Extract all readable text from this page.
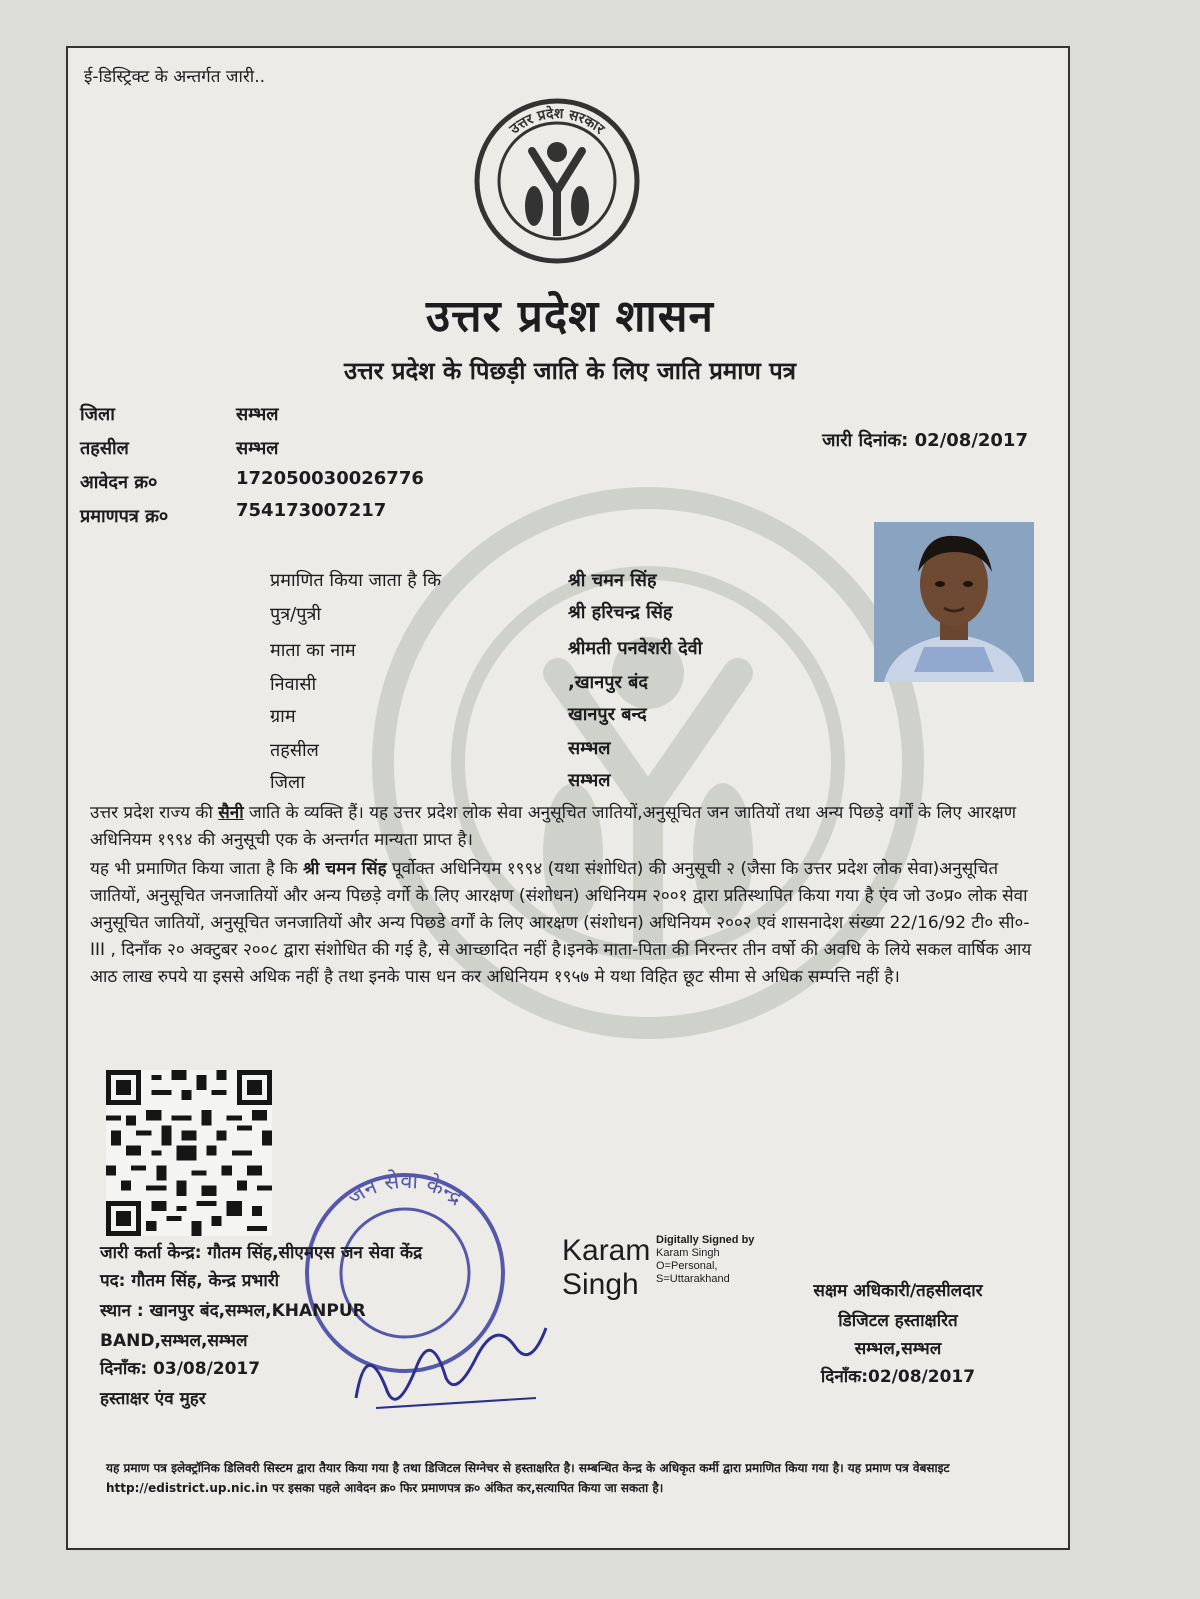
ई-डिस्ट्रिक्ट के अन्तर्गत जारी..
उत्तर प्रदेश सरकार
उत्तर प्रदेश शासन
उत्तर प्रदेश के पिछड़ी जाति के लिए जाति प्रमाण पत्र
जिला	सम्भल
तहसील	सम्भल
आवेदन क्र०	172050030026776
प्रमाणपत्र क्र०	754173007217
जारी दिनांक: 02/08/2017
प्रमाणित किया जाता है कि	श्री चमन सिंह
पुत्र/पुत्री	श्री हरिचन्द्र सिंह
माता का नाम	श्रीमती पनवेशरी देवी
निवासी	,खानपुर बंद
ग्राम	खानपुर बन्द
तहसील	सम्भल
जिला	सम्भल
उत्तर प्रदेश राज्य की सैनी जाति के व्यक्ति हैं। यह उत्तर प्रदेश लोक सेवा अनुसूचित जातियों,अनुसूचित जन जातियों तथा अन्य पिछड़े वर्गों के लिए आरक्षण अधिनियम १९९४ की अनुसूची एक के अन्तर्गत मान्यता प्राप्त है।
यह भी प्रमाणित किया जाता है कि श्री चमन सिंह पूर्वोक्त अधिनियम १९९४ (यथा संशोधित) की अनुसूची २ (जैसा कि उत्तर प्रदेश लोक सेवा)अनुसूचित जातियों, अनुसूचित जनजातियों और अन्य पिछड़े वर्गो के लिए आरक्षण (संशोधन) अधिनियम २००१ द्वारा प्रतिस्थापित किया गया है एंव जो उ०प्र० लोक सेवा अनुसूचित जातियों, अनुसूचित जनजातियों और अन्य पिछडे वर्गों के लिए आरक्षण (संशोधन) अधिनियम २००२ एवं शासनादेश संख्या 22/16/92 टी० सी०-III , दिनाँक २० अक्टुबर २००८ द्वारा संशोधित की गई है, से आच्छादित नहीं है।इनके माता-पिता की निरन्तर तीन वर्षो की अवधि के लिये सकल वार्षिक आय आठ लाख रुपये या इससे अधिक नहीं है तथा इनके पास धन कर अधिनियम १९५७ मे यथा विहित छूट सीमा से अधिक सम्पत्ति नहीं है।
जन सेवा केन्द्र
जारी कर्ता केन्द्र: गौतम सिंह,सीएमएस जन सेवा केंद्र
पद: गौतम सिंह, केन्द्र प्रभारी
स्थान : खानपुर बंद,सम्भल,KHANPUR
BAND,सम्भल,सम्भल
दिनाँक: 03/08/2017
हस्ताक्षर एंव मुहर
Karam
Singh
Digitally Signed by
Karam Singh
O=Personal,
S=Uttarakhand
सक्षम अधिकारी/तहसीलदार
डिजिटल हस्ताक्षरित
सम्भल,सम्भल
दिनाँक:02/08/2017
यह प्रमाण पत्र इलेक्ट्रॉनिक डिलिवरी सिस्टम द्वारा तैयार किया गया है तथा डिजिटल सिग्नेचर से हस्ताक्षरित है। सम्बन्धित केन्द्र के अधिकृत कर्मी द्वारा प्रमाणित किया गया है। यह प्रमाण पत्र वेबसाइट http://edistrict.up.nic.in पर इसका पहले आवेदन क्र० फिर प्रमाणपत्र क्र० अंकित कर,सत्यापित किया जा सकता है।
